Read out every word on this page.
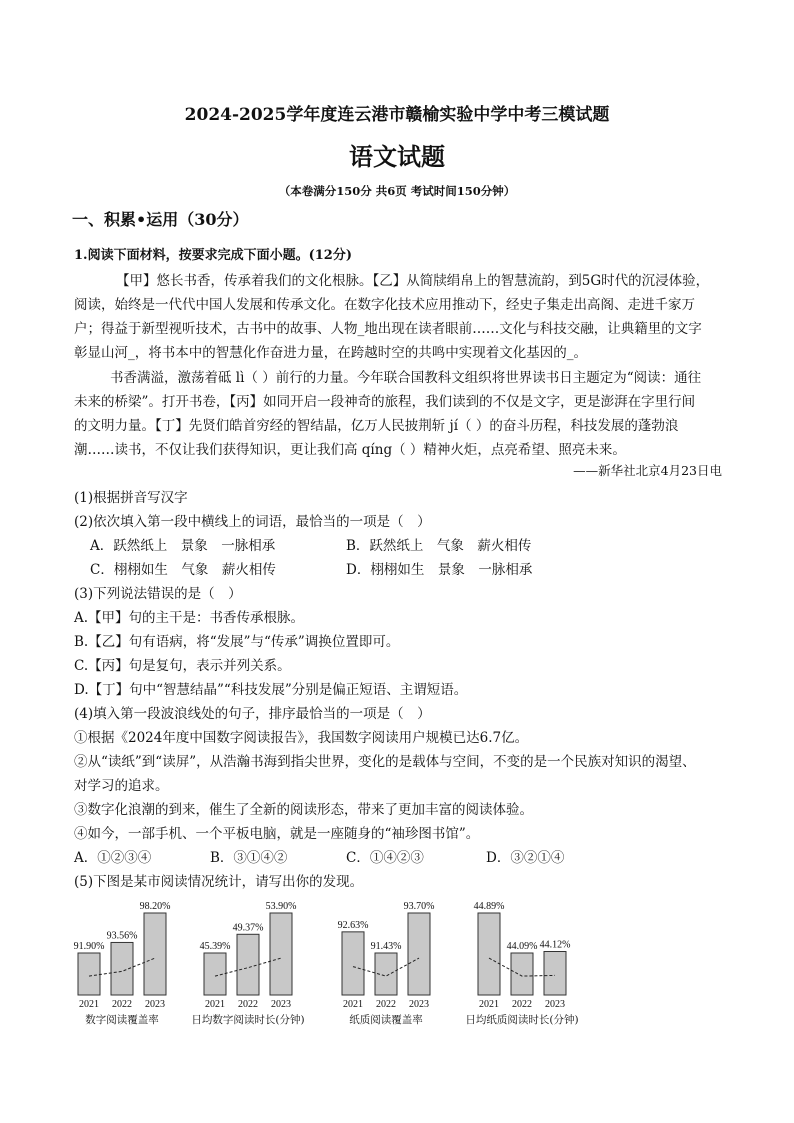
2024-2025学年度连云港市赣榆实验中学中考三模试题
语文试题
（本卷满分150分 共6页 考试时间150分钟）
一、积累•运用（30分）
1.阅读下面材料，按要求完成下面小题。(12分)
【甲】悠长书香，传承着我们的文化根脉。【乙】从简牍绢帛上的智慧流韵，到5G时代的沉浸体验，
阅读，始终是一代代中国人发展和传承文化。在数字化技术应用推动下，经史子集走出高阁、走进千家万
户；得益于新型视听技术，古书中的故事、人物_地出现在读者眼前……文化与科技交融，让典籍里的文字
彰显山河_，将书本中的智慧化作奋进力量，在跨越时空的共鸣中实现着文化基因的_。
书香满溢，激荡着砥 lì（ ）前行的力量。今年联合国教科文组织将世界读书日主题定为“阅读：通往
未来的桥梁”。打开书卷，【丙】如同开启一段神奇的旅程，我们读到的不仅是文字，更是澎湃在字里行间
的文明力量。【丁】先贤们皓首穷经的智结晶，亿万人民披荆斩 jí（ ）的奋斗历程，科技发展的蓬勃浪
潮……读书，不仅让我们获得知识，更让我们高 qíng（ ）精神火炬，点亮希望、照亮未来。
——新华社北京4月23日电
(1)根据拼音写汉字
(2)依次填入第一段中横线上的词语，最恰当的一项是（　）
A．跃然纸上　景象　一脉相承	B．跃然纸上　气象　薪火相传
C．栩栩如生　气象　薪火相传	D．栩栩如生　景象　一脉相承
(3)下列说法错误的是（　）
A.【甲】句的主干是：书香传承根脉。
B.【乙】句有语病，将“发展”与“传承”调换位置即可。
C.【丙】句是复句，表示并列关系。
D.【丁】句中“智慧结晶”“科技发展”分别是偏正短语、主谓短语。
(4)填入第一段波浪线处的句子，排序最恰当的一项是（　）
①根据《2024年度中国数字阅读报告》，我国数字阅读用户规模已达6.7亿。
②从“读纸”到“读屏”，从浩瀚书海到指尖世界，变化的是载体与空间，不变的是一个民族对知识的渴望、
对学习的追求。
③数字化浪潮的到来，催生了全新的阅读形态，带来了更加丰富的阅读体验。
④如今，一部手机、一个平板电脑，就是一座随身的“袖珍图书馆”。
A．①②③④	B．③①④②	C．①④②③	D．③②①④
(5)下图是某市阅读情况统计，请写出你的发现。
91.90%
2021
93.56%
2022
98.20%
2023
数字阅读覆盖率
45.39%
2021
49.37%
2022
53.90%
2023
日均数字阅读时长(分钟)
92.63%
2021
91.43%
2022
93.70%
2023
纸质阅读覆盖率
44.89%
2021
44.09%
2022
44.12%
2023
日均纸质阅读时长(分钟)
